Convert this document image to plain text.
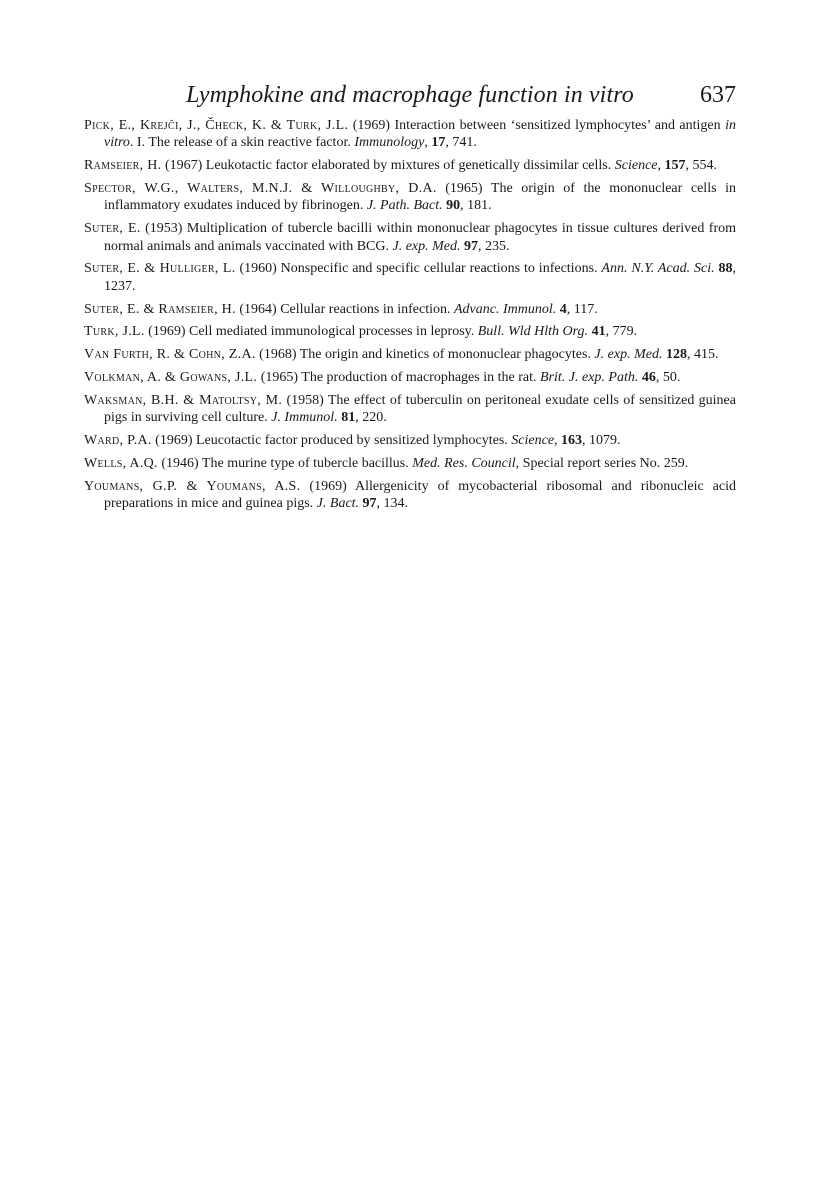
Lymphokine and macrophage function in vitro	637
Pick, E., Krejči, J., Čheck, K. & Turk, J.L. (1969) Interaction between ‘sensitized lymphocytes’ and antigen in vitro. I. The release of a skin reactive factor. Immunology, 17, 741.
Ramseier, H. (1967) Leukotactic factor elaborated by mixtures of genetically dissimilar cells. Science, 157, 554.
Spector, W.G., Walters, M.N.J. & Willoughby, D.A. (1965) The origin of the mononuclear cells in inflammatory exudates induced by fibrinogen. J. Path. Bact. 90, 181.
Suter, E. (1953) Multiplication of tubercle bacilli within mononuclear phagocytes in tissue cultures derived from normal animals and animals vaccinated with BCG. J. exp. Med. 97, 235.
Suter, E. & Hulliger, L. (1960) Nonspecific and specific cellular reactions to infections. Ann. N.Y. Acad. Sci. 88, 1237.
Suter, E. & Ramseier, H. (1964) Cellular reactions in infection. Advanc. Immunol. 4, 117.
Turk, J.L. (1969) Cell mediated immunological processes in leprosy. Bull. Wld Hlth Org. 41, 779.
Van Furth, R. & Cohn, Z.A. (1968) The origin and kinetics of mononuclear phagocytes. J. exp. Med. 128, 415.
Volkman, A. & Gowans, J.L. (1965) The production of macrophages in the rat. Brit. J. exp. Path. 46, 50.
Waksman, B.H. & Matoltsy, M. (1958) The effect of tuberculin on peritoneal exudate cells of sensitized guinea pigs in surviving cell culture. J. Immunol. 81, 220.
Ward, P.A. (1969) Leucotactic factor produced by sensitized lymphocytes. Science, 163, 1079.
Wells, A.Q. (1946) The murine type of tubercle bacillus. Med. Res. Council, Special report series No. 259.
Youmans, G.P. & Youmans, A.S. (1969) Allergenicity of mycobacterial ribosomal and ribonucleic acid preparations in mice and guinea pigs. J. Bact. 97, 134.
